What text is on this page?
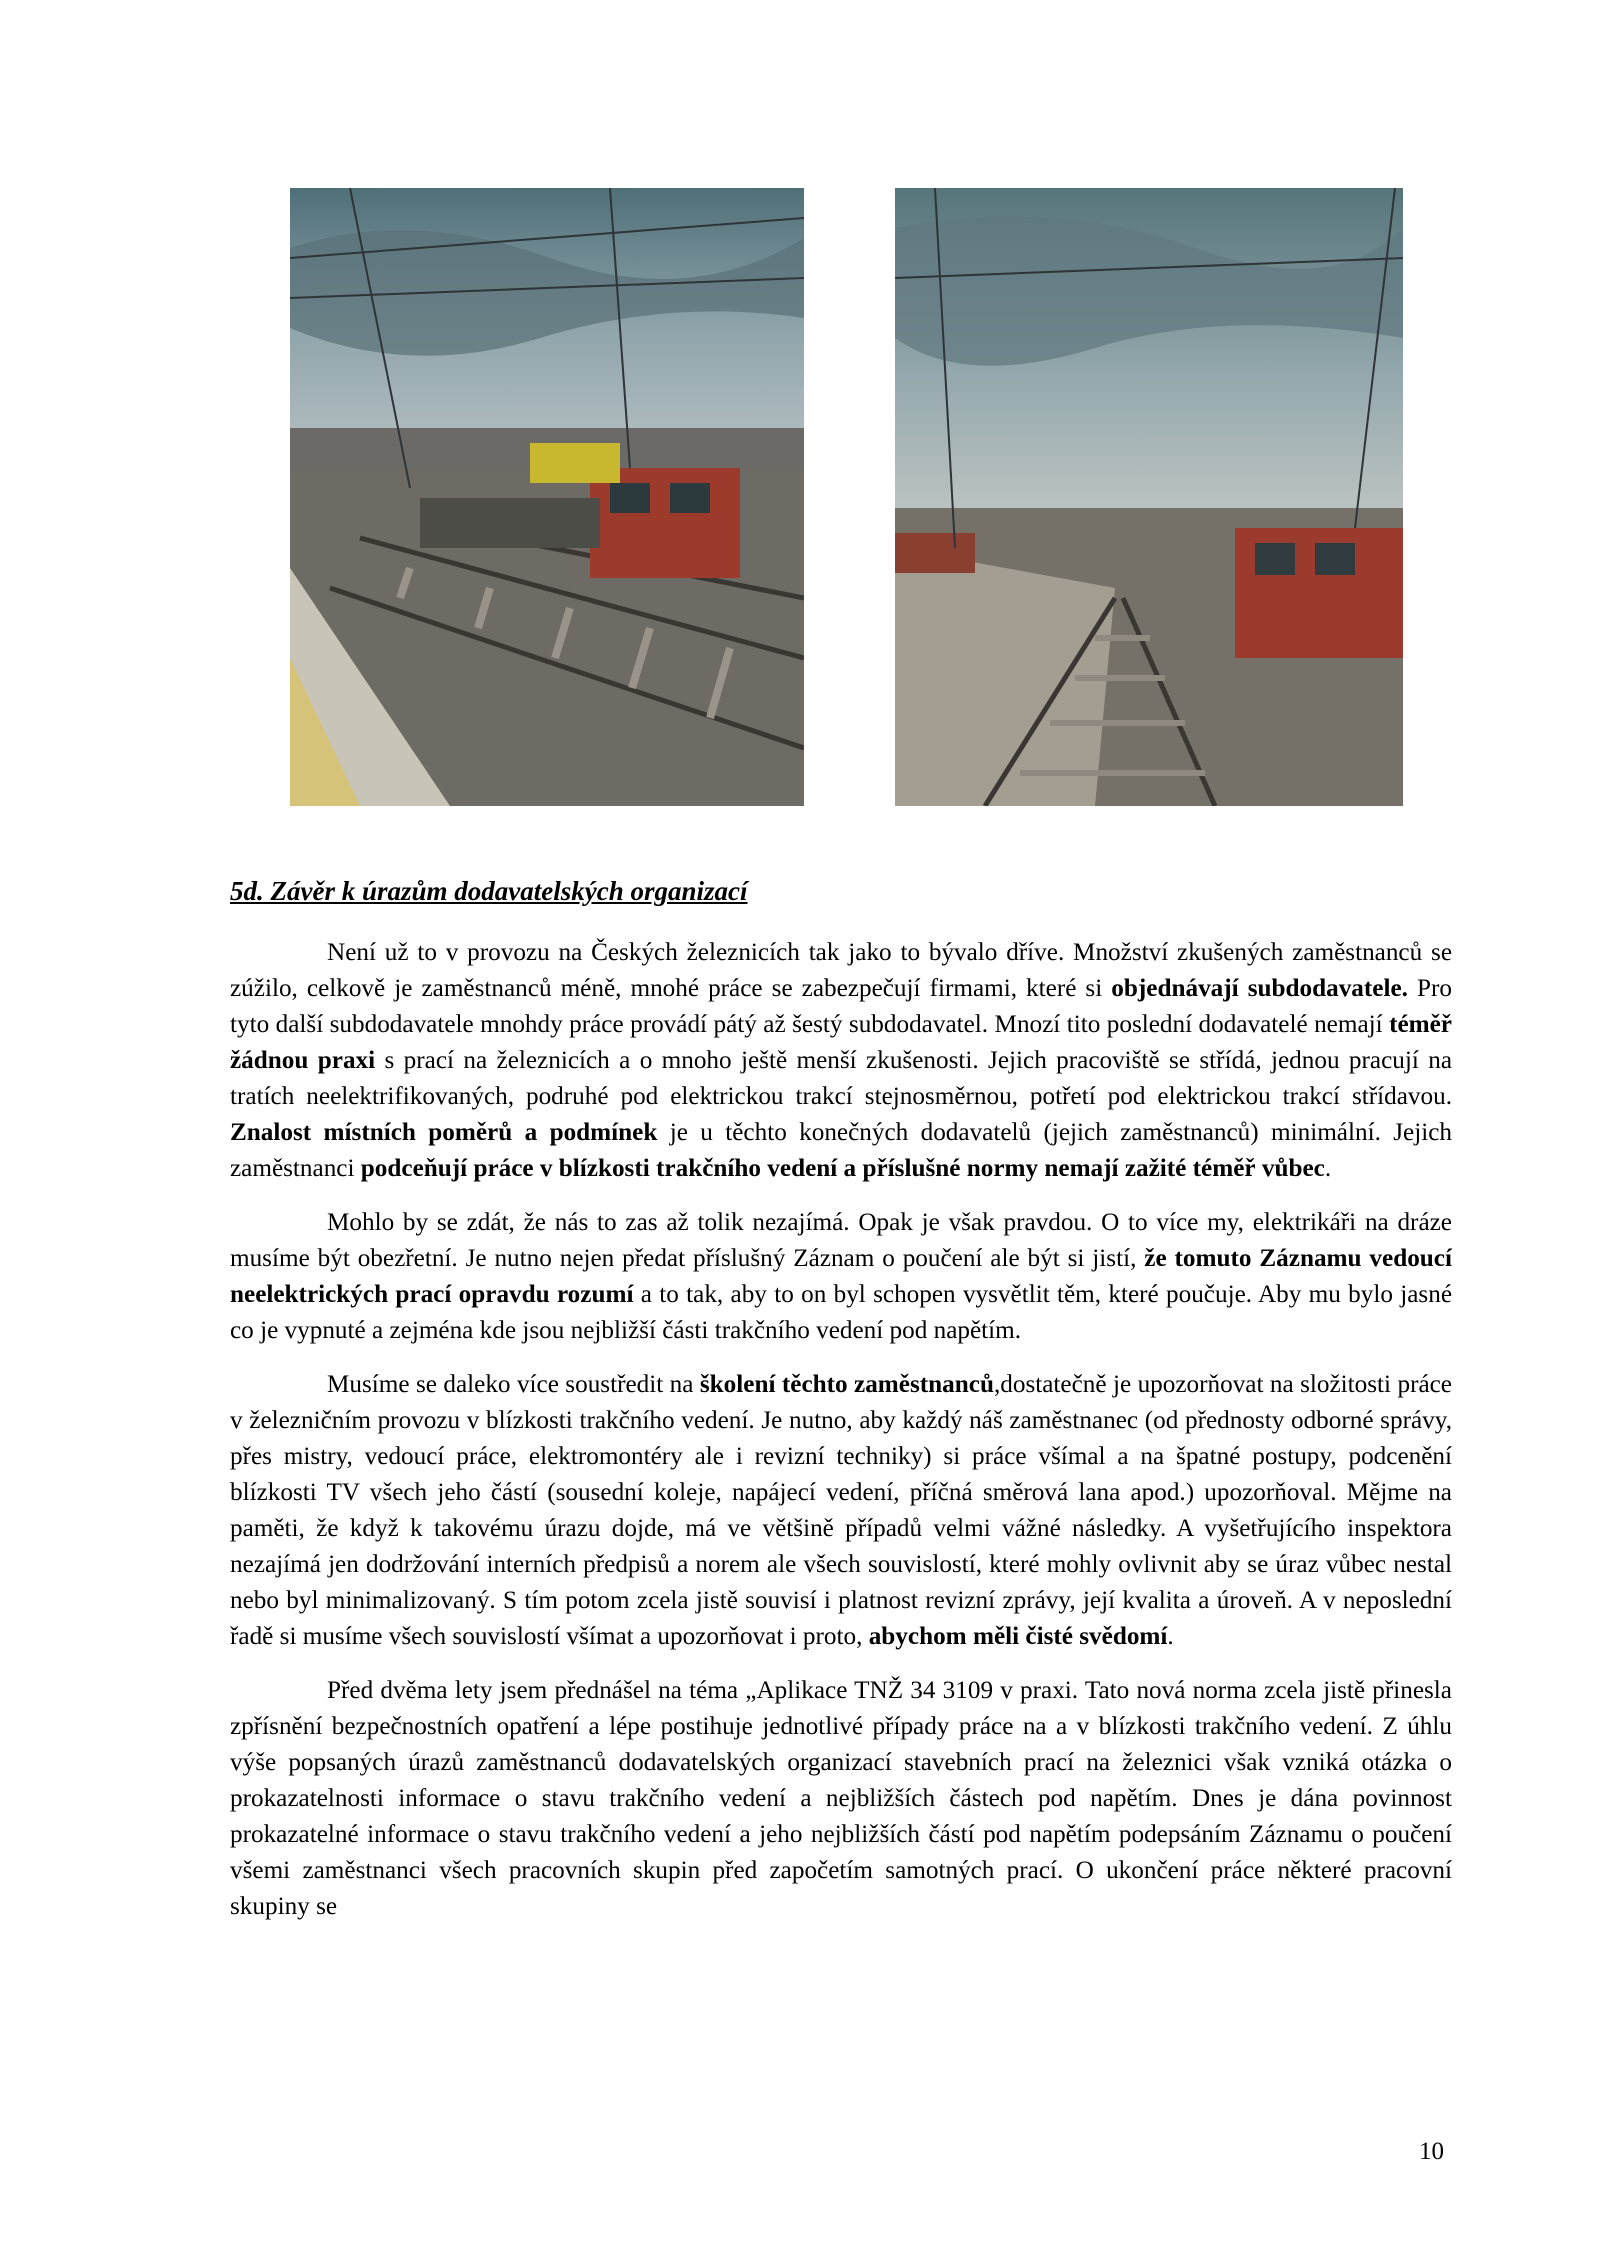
5d. Závěr k úrazům dodavatelských organizací

Není už to v provozu na Českých železnicích tak jako to bývalo dříve. Množství zkušených zaměstnanců se zúžilo, celkově je zaměstnanců méně, mnohé práce se zabezpečují firmami, které si objednávají subdodavatele. Pro tyto další subdodavatele mnohdy práce provádí pátý až šestý subdodavatel. Mnozí tito poslední dodavatelé nemají téměř žádnou praxi s prací na železnicích a o mnoho ještě menší zkušenosti. Jejich pracoviště se střídá, jednou pracují na tratích neelektrifikovaných, podruhé pod elektrickou trakcí stejnosměrnou, potřetí pod elektrickou trakcí střídavou. Znalost místních poměrů a podmínek je u těchto konečných dodavatelů (jejich zaměstnanců) minimální. Jejich zaměstnanci podceňují práce v blízkosti trakčního vedení a příslušné normy nemají zažité téměř vůbec.

Mohlo by se zdát, že nás to zas až tolik nezajímá. Opak je však pravdou. O to více my, elektrikáři na dráze musíme být obezřetní. Je nutno nejen předat příslušný Záznam o poučení ale být si jistí, že tomuto Záznamu vedoucí neelektrických prací opravdu rozumí a to tak, aby to on byl schopen vysvětlit těm, které poučuje. Aby mu bylo jasné co je vypnuté a zejména kde jsou nejbližší části trakčního vedení pod napětím.

Musíme se daleko více soustředit na školení těchto zaměstnanců,dostatečně je upozorňovat na složitosti práce v železničním provozu v blízkosti trakčního vedení. Je nutno, aby každý náš zaměstnanec (od přednosty odborné správy, přes mistry, vedoucí práce, elektromontéry ale i revizní techniky) si práce všímal a na špatné postupy, podcenění blízkosti TV všech jeho částí (sousední koleje, napájecí vedení, příčná směrová lana apod.) upozorňoval. Mějme na paměti, že když k takovému úrazu dojde, má ve většině případů velmi vážné následky. A vyšetřujícího inspektora nezajímá jen dodržování interních předpisů a norem ale všech souvislostí, které mohly ovlivnit aby se úraz vůbec nestal nebo byl minimalizovaný. S tím potom zcela jistě souvisí i platnost revizní zprávy, její kvalita a úroveň. A v neposlední řadě si musíme všech souvislostí všímat a upozorňovat i proto, abychom měli čisté svědomí.

Před dvěma lety jsem přednášel na téma „Aplikace TNŽ 34 3109 v praxi. Tato nová norma zcela jistě přinesla zpřísnění bezpečnostních opatření a lépe postihuje jednotlivé případy práce na a v blízkosti trakčního vedení. Z úhlu výše popsaných úrazů zaměstnanců dodavatelských organizací stavebních prací na železnici však vzniká otázka o prokazatelnosti informace o stavu trakčního vedení a nejbližších částech pod napětím. Dnes je dána povinnost prokazatelné informace o stavu trakčního vedení a jeho nejbližších částí pod napětím podepsáním Záznamu o poučení všemi zaměstnanci všech pracovních skupin před započetím samotných prací. O ukončení práce některé pracovní skupiny se

10
